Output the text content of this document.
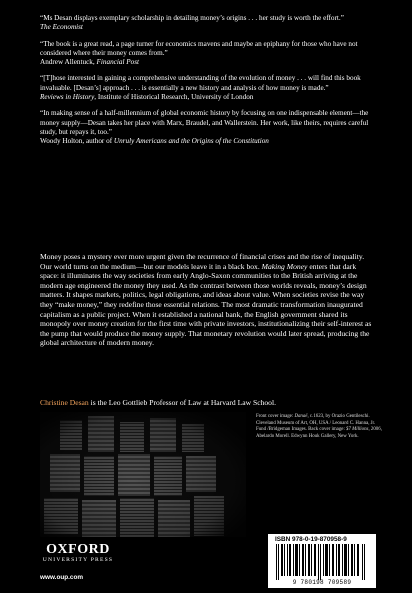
“Ms Desan displays exemplary scholarship in detailing money’s origins . . . her study is worth the effort.”
The Economist
“The book is a great read, a page turner for economics mavens and maybe an epiphany for those who have not considered where their money comes from.”
Andrew Allentuck, Financial Post
“[T]hose interested in gaining a comprehensive understanding of the evolution of money . . . will find this book invaluable. [Desan’s] approach . . . is essentially a new history and analysis of how money is made.”
Reviews in History, Institute of Historical Research, University of London
“In making sense of a half-millennium of global economic history by focusing on one indispensable element—the money supply—Desan takes her place with Marx, Braudel, and Wallerstein. Her work, like theirs, requires careful study, but repays it, too.”
Woody Holton, author of Unruly Americans and the Origins of the Constitution
Money poses a mystery ever more urgent given the recurrence of financial crises and the rise of inequality. Our world turns on the medium—but our models leave it in a black box. Making Money enters that dark space: it illuminates the way societies from early Anglo-Saxon communities to the British arriving at the modern age engineered the money they used. As the contrast between those worlds reveals, money’s design matters. It shapes markets, politics, legal obligations, and ideas about value. When societies revise the way they “make money,” they redefine those essential relations. The most dramatic transformation inaugurated capitalism as a public project. When it established a national bank, the English government shared its monopoly over money creation for the first time with private investors, institutionalizing their self-interest as the pump that would produce the money supply. That monetary revolution would later spread, producing the global architecture of modern money.
Christine Desan is the Leo Gottlieb Professor of Law at Harvard Law School.
Front cover image: Danaë, c.1623, by Orazio Gentileschi. Cleveland Museum of Art, OH, USA / Leonard C. Hanna, Jr. Fund /Bridgeman Images. Back cover image: $7 Millions, 2006, Abelardo Morell. Edwynn Houk Gallery, New York.
OXFORD
UNIVERSITY PRESS
www.oup.com
ISBN 978-0-19-870958-9
9 780198 709589
